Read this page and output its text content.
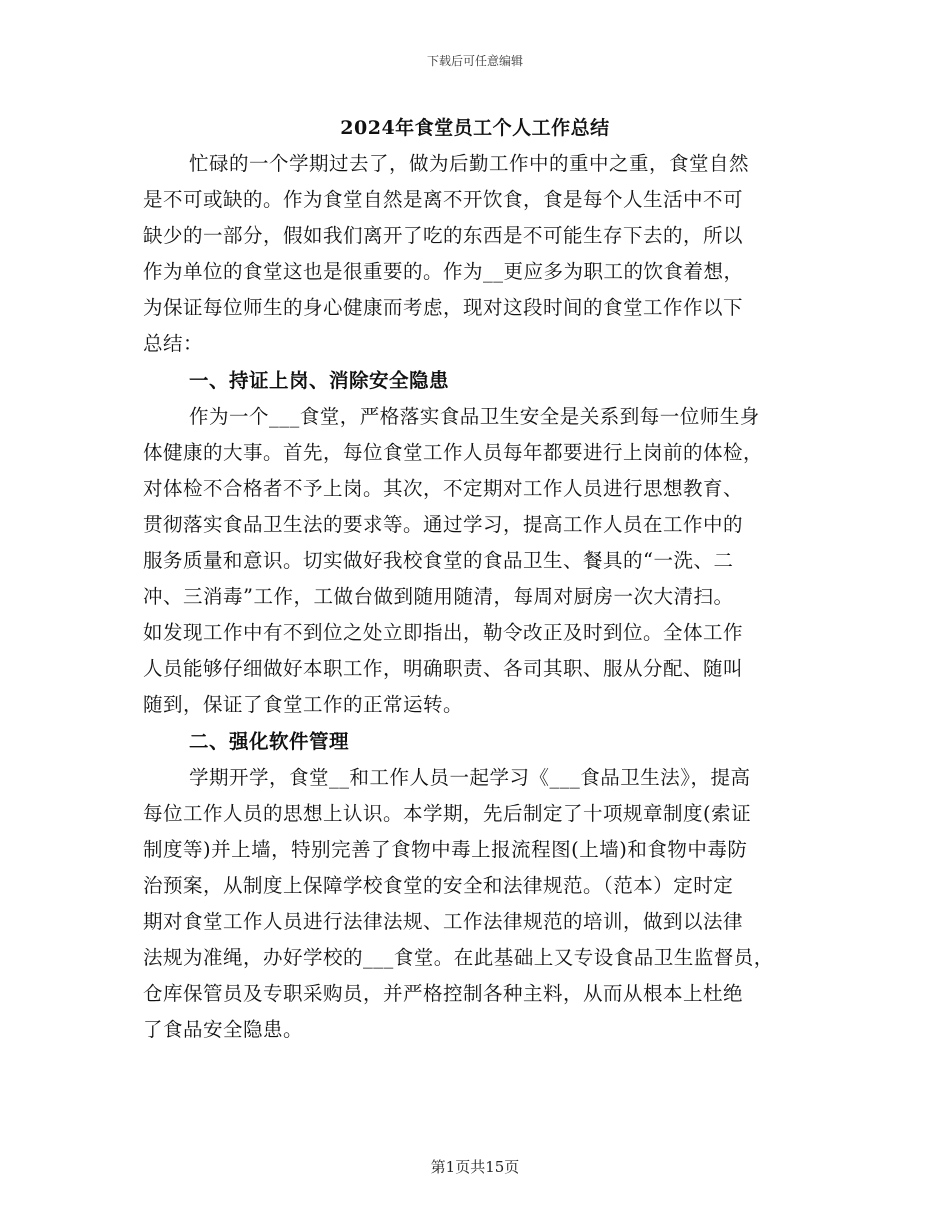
下载后可任意编辑
2024年食堂员工个人工作总结
忙碌的一个学期过去了，做为后勤工作中的重中之重，食堂自然
是不可或缺的。作为食堂自然是离不开饮食，食是每个人生活中不可
缺少的一部分，假如我们离开了吃的东西是不可能生存下去的，所以
作为单位的食堂这也是很重要的。作为__更应多为职工的饮食着想，
为保证每位师生的身心健康而考虑，现对这段时间的食堂工作作以下
总结：
一、持证上岗、消除安全隐患
作为一个___食堂，严格落实食品卫生安全是关系到每一位师生身
体健康的大事。首先，每位食堂工作人员每年都要进行上岗前的体检，
对体检不合格者不予上岗。其次，不定期对工作人员进行思想教育、
贯彻落实食品卫生法的要求等。通过学习，提高工作人员在工作中的
服务质量和意识。切实做好我校食堂的食品卫生、餐具的“一洗、二
冲、三消毒”工作，工做台做到随用随清，每周对厨房一次大清扫。
如发现工作中有不到位之处立即指出，勒令改正及时到位。全体工作
人员能够仔细做好本职工作，明确职责、各司其职、服从分配、随叫
随到，保证了食堂工作的正常运转。
二、强化软件管理
学期开学，食堂__和工作人员一起学习《___食品卫生法》，提高
每位工作人员的思想上认识。本学期，先后制定了十项规章制度(索证
制度等)并上墙，特别完善了食物中毒上报流程图(上墙)和食物中毒防
治预案，从制度上保障学校食堂的安全和法律规范。（范本）定时定
期对食堂工作人员进行法律法规、工作法律规范的培训，做到以法律
法规为准绳，办好学校的___食堂。在此基础上又专设食品卫生监督员，
仓库保管员及专职采购员，并严格控制各种主料，从而从根本上杜绝
了食品安全隐患。
第1页共15页
